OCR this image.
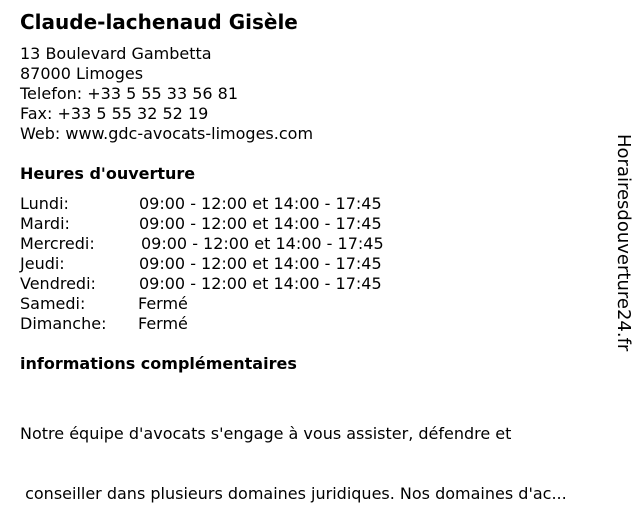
Claude-lachenaud Gisèle
13 Boulevard Gambetta
87000 Limoges
Telefon: +33 5 55 33 56 81
Fax: +33 5 55 32 52 19
Web: www.gdc-avocats-limoges.com
Heures d'ouverture
Lundi:	09:00 - 12:00 et 14:00 - 17:45
Mardi:	09:00 - 12:00 et 14:00 - 17:45
Mercredi:	09:00 - 12:00 et 14:00 - 17:45
Jeudi:	09:00 - 12:00 et 14:00 - 17:45
Vendredi:	09:00 - 12:00 et 14:00 - 17:45
Samedi:	Fermé
Dimanche:	Fermé
informations complémentaires

Notre équipe d'avocats s'engage à vous assister, défendre et

conseiller dans plusieurs domaines juridiques. Nos domaines d'ac...

Horairesdouverture24.fr
